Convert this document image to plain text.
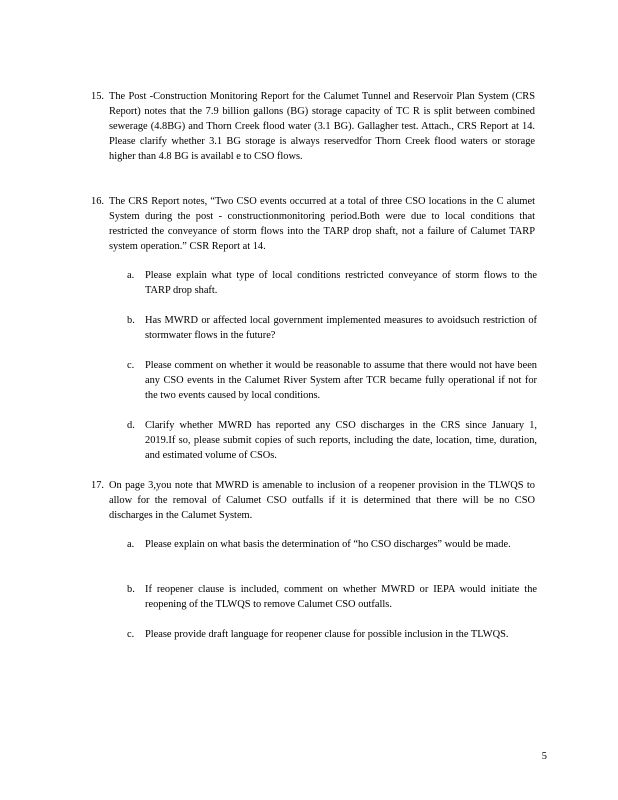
15. The Post -Construction Monitoring Report for the Calumet Tunnel and Reservoir Plan System (CRS Report) notes that the 7.9 billion gallons (BG) storage capacity of TC R is split between combined sewerage (4.8BG) and Thorn Creek flood water (3.1 BG). Gallagher test. Attach., CRS Report at 14. Please clarify whether 3.1 BG storage is always reservedfor Thorn Creek flood waters or storage higher than 4.8 BG is availabl e to CSO flows.
16. The CRS Report notes, “Two CSO events occurred at a total of three CSO locations in the C alumet System during the post - constructionmonitoring period.Both were due to local conditions that restricted the conveyance of storm flows into the TARP drop shaft, not a failure of Calumet TARP system operation.” CSR Report at 14.
a.	Please explain what type of local conditions restricted conveyance of storm flows to the TARP drop shaft.
b. Has MWRD or affected local government implemented measures to avoidsuch restriction of stormwater flows in the future?
c.	Please comment on whether it would be reasonable to assume that there would not have been any CSO events in the Calumet River System after TCR became fully operational if not for the two events caused by local conditions.
d. Clarify whether MWRD has reported any CSO discharges in the CRS since January 1, 2019.If so, please submit copies of such reports, including the date, location, time, duration, and estimated volume of CSOs.
17. On page 3,you note that MWRD is amenable to inclusion of a reopener provision in the TLWQS to allow for the removal of Calumet CSO outfalls if it is determined that there will be no CSO discharges in the Calumet System.
a.	Please explain on what basis the determination of “ho CSO discharges” would be made.
b. If reopener clause is included, comment on whether MWRD or IEPA would initiate the reopening of the TLWQS to remove Calumet CSO outfalls.
c.	Please provide draft language for reopener clause for possible inclusion in the TLWQS.
5
